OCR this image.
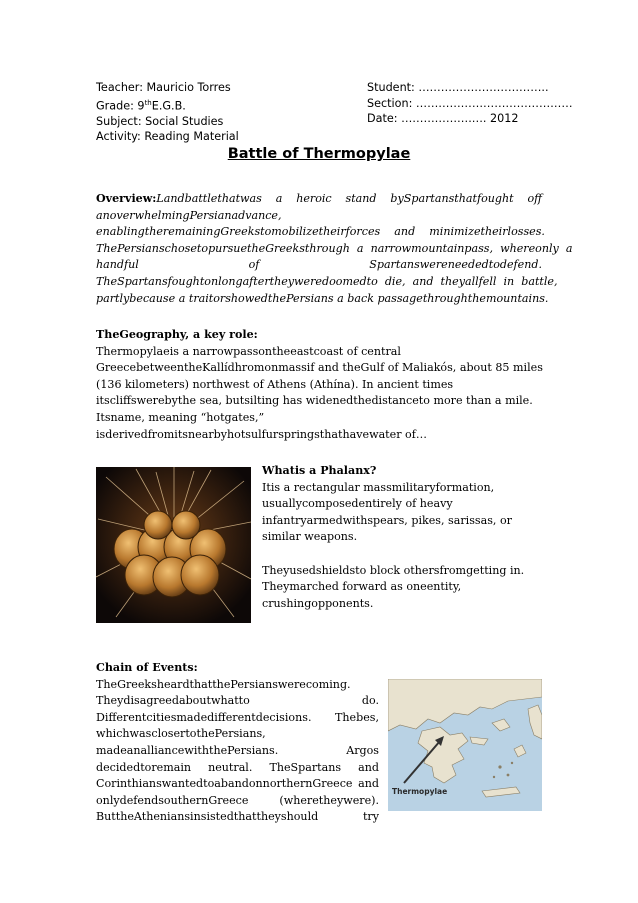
Teacher: Mauricio Torres
Grade: 9thE.G.B.
Subject: Social Studies
Activity: Reading Material
Student: ……………………………..
Section: ……………………………………
Date: ……………….…. 2012
Battle of Thermopylae
Overview:Landbattlethatwas   a   heroic   stand   bySpartansthatfought   off
anoverwhelmingPersianadvance,
enablingtheremainingGreekstomobilizetheirforces    and    minimizetheirlosses.
ThePersianschosetopursuetheGreeksthrough  a  narrowmountainpass,  whereonly  a
handful                    of                    Spartanswereneededtodefend.
TheSpartansfoughtonlongaftertheyweredoomedto  die,  and  theyallfell  in  battle,
partlybecause a traitorshowedthePersians a back passagethroughthemountains.
TheGeography, a key role:
Thermopylaeis a narrowpassontheeastcoast of central
GreecebetweentheKallídhromonmassif and theGulf of Maliakós, about 85 miles
(136 kilometers) northwest of Athens (Athína). In ancient times
itscliffswerebythe sea, butsilting has widenedthedistanceto more than a mile.
Itsname, meaning “hotgates,”
isderivedfromitsnearbyhotsulfurspringsthathavewater of…
Whatis a Phalanx?
Itis a rectangular massmilitaryformation,
usuallycomposedentirely of heavy
infantryarmedwithspears, pikes, sarissas, or
similar weapons.
Theyusedshieldsto block othersfromgetting in.
Theymarched forward as oneentity,
crushingopponents.
Chain of Events:
TheGreeksheardthatthePersianswerecoming.
Theydisagreedaboutwhatto	do.
Differentcitiesmadedifferentdecisions. Thebes,
whichwasclosertothePersians,
madeanalliancewiththePersians.	Argos
decidedtoremain neutral. TheSpartans and
CorinthianswantedtoabandonnorthernGreece and
onlydefendsouthernGreece	(wheretheywere).
ButtheAtheniansinsistedthattheyshould	try
Thermopylae
